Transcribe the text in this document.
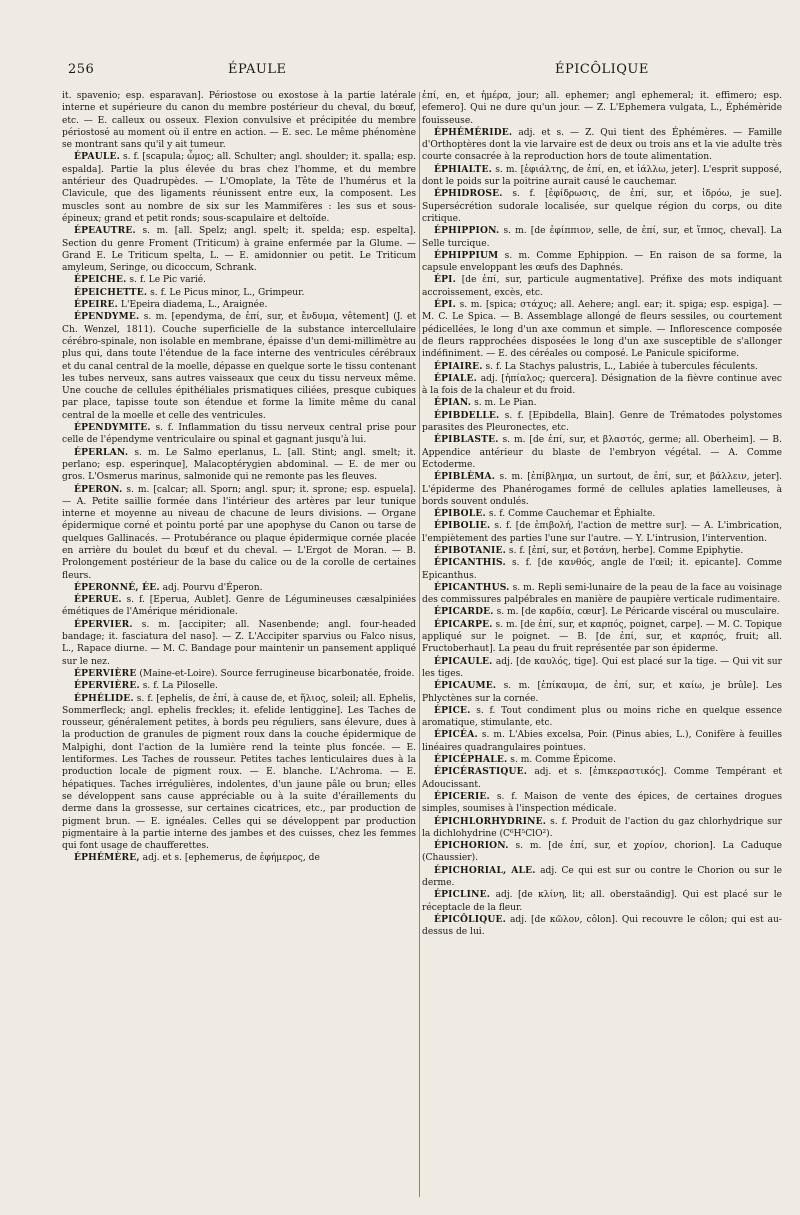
256	ÉPAULE	ÉPICÔLIQUE

it. spavenio; esp. esparavan]. Périostose ou exostose à la partie latérale interne et supérieure du canon du membre postérieur du cheval, du bœuf, etc. — E. calleux ou osseux. Flexion convulsive et précipitée du membre périostosé au moment où il entre en action. — E. sec. Le même phénomène se montrant sans qu'il y ait tumeur.

ÉPAULE. s. f. [scapula; ὦμος; all. Schulter; angl. shoulder; it. spalla; esp. espalda]. Partie la plus élevée du bras chez l'homme, et du membre antérieur des Quadrupèdes. — L'Omoplate, la Tête de l'humérus et la Clavicule, que des ligaments réunissent entre eux, la composent. Les muscles sont au nombre de six sur les Mammifères : les sus et sous-épineux; grand et petit ronds; sous-scapulaire et deltoïde.

ÉPEAUTRE. s. m. [all. Spelz; angl. spelt; it. spelda; esp. espelta]. Section du genre Froment (Triticum) à graine enfermée par la Glume. — Grand E. Le Triticum spelta, L. — E. amidonnier ou petit. Le Triticum amyleum, Seringe, ou dicoccum, Schrank.

ÉPEICHE. s. f. Le Pic varié.

ÉPEICHETTE. s. f. Le Picus minor, L., Grimpeur.

ÉPEIRE. L'Epeira diadema, L., Araignée.

ÉPENDYME. s. m. [ependyma, de ἐπί, sur, et ἔνδυμα, vêtement] (J. et Ch. Wenzel, 1811). Couche superficielle de la substance intercellulaire cérébro-spinale, non isolable en membrane, épaisse d'un demi-millimètre au plus qui, dans toute l'étendue de la face interne des ventricules cérébraux et du canal central de la moelle, dépasse en quelque sorte le tissu contenant les tubes nerveux, sans autres vaisseaux que ceux du tissu nerveux même. Une couche de cellules épithéliales prismatiques ciliées, presque cubiques par place, tapisse toute son étendue et forme la limite même du canal central de la moelle et celle des ventricules.

ÉPENDYMITE. s. f. Inflammation du tissu nerveux central prise pour celle de l'épendyme ventriculaire ou spinal et gagnant jusqu'à lui.

ÉPERLAN. s. m. Le Salmo eperlanus, L. [all. Stint; angl. smelt; it. perlano; esp. esperinque], Malacoptérygien abdominal. — E. de mer ou gros. L'Osmerus marinus, salmonide qui ne remonte pas les fleuves.

ÉPERON. s. m. [calcar; all. Sporn; angl. spur; it. sprone; esp. espuela]. — A. Petite saillie formée dans l'intérieur des artères par leur tunique interne et moyenne au niveau de chacune de leurs divisions. — Organe épidermique corné et pointu porté par une apophyse du Canon ou tarse de quelques Gallinacés. — Protubérance ou plaque épidermique cornée placée en arrière du boulet du bœuf et du cheval. — L'Ergot de Moran. — B. Prolongement postérieur de la base du calice ou de la corolle de certaines fleurs.

ÉPERONNÉ, ÉE. adj. Pourvu d'Éperon.

ÉPERUE. s. f. [Eperua, Aublet]. Genre de Légumineuses cæsalpiniées émétiques de l'Amérique méridionale.

ÉPERVIER. s. m. [accipiter; all. Nasenbende; angl. four-headed bandage; it. fasciatura del naso]. — Z. L'Accipiter sparvius ou Falco nisus, L., Rapace diurne. — M. C. Bandage pour maintenir un pansement appliqué sur le nez.

ÉPERVIÈRE (Maine-et-Loire). Source ferrugineuse bicarbonatée, froide.

ÉPERVIÈRE. s. f. La Piloselle.

ÉPHÉLIDE. s. f. [ephelis, de ἐπί, à cause de, et ἥλιος, soleil; all. Ephelis, Sommerfleck; angl. ephelis freckles; it. efelide lentiggine]. Les Taches de rousseur, généralement petites, à bords peu réguliers, sans élevure, dues à la production de granules de pigment roux dans la couche épidermique de Malpighi, dont l'action de la lumière rend la teinte plus foncée. — E. lentiformes. Les Taches de rousseur. Petites taches lenticulaires dues à la production locale de pigment roux. — E. blanche. L'Achroma. — E. hépatiques. Taches irrégulières, indolentes, d'un jaune pâle ou brun; elles se développent sans cause appréciable ou à la suite d'éraillements du derme dans la grossesse, sur certaines cicatrices, etc., par production de pigment brun. — E. ignéales. Celles qui se développent par production pigmentaire à la partie interne des jambes et des cuisses, chez les femmes qui font usage de chaufferettes.

ÉPHÉMÈRE, adj. et s. [ephemerus, de ἐφήμερος, de

ἐπί, en, et ἡμέρα, jour; all. ephemer; angl ephemeral; it. effimero; esp. efemero]. Qui ne dure qu'un jour. — Z. L'Ephemera vulgata, L., Éphémèride fouisseuse.

ÉPHÉMÉRIDE. adj. et s. — Z. Qui tient des Éphémères. — Famille d'Orthoptères dont la vie larvaire est de deux ou trois ans et la vie adulte très courte consacrée à la reproduction hors de toute alimentation.

ÉPHIALTE. s. m. [ἐφιάλτης, de ἐπί, en, et ἰάλλω, jeter]. L'esprit supposé, dont le poids sur la poitrine aurait causé le cauchemar.

ÉPHIDROSE. s. f. [ἐφίδρωσις, de ἐπί, sur, et ἱδρόω, je sue]. Supersécrétion sudorale localisée, sur quelque région du corps, ou dite critique.

ÉPHIPPION. s. m. [de ἐφίππιον, selle, de ἐπί, sur, et ἵππος, cheval]. La Selle turcique.

ÉPHIPPIUM s. m. Comme Ephippion. — En raison de sa forme, la capsule enveloppant les œufs des Daphnés.

ÉPI. [de ἐπί, sur, particule augmentative]. Préfixe des mots indiquant accroissement, excès, etc.

ÉPI. s. m. [spica; στάχυς; all. Aehere; angl. ear; it. spiga; esp. espiga]. — M. C. Le Spica. — B. Assemblage allongé de fleurs sessiles, ou courtement pédicellées, le long d'un axe commun et simple. — Inflorescence composée de fleurs rapprochées disposées le long d'un axe susceptible de s'allonger indéfiniment. — E. des céréales ou composé. Le Panicule spiciforme.

ÉPIAIRE. s. f. La Stachys palustris, L., Labiée à tubercules féculents.

ÉPIALE. adj. [ἠπίαλος; quercera]. Désignation de la fièvre continue avec à la fois de la chaleur et du froid.

ÉPIAN. s. m. Le Pian.

ÉPIBDELLE. s. f. [Epibdella, Blain]. Genre de Trématodes polystomes parasites des Pleuronectes, etc.

ÉPIBLASTE. s. m. [de ἐπί, sur, et βλαστός, germe; all. Oberheim]. — B. Appendice antérieur du blaste de l'embryon végétal. — A. Comme Ectoderme.

ÉPIBLÈMA. s. m. [ἐπίβλημα, un surtout, de ἐπί, sur, et βάλλειν, jeter]. L'épiderme des Phanérogames formé de cellules aplaties lamelleuses, à bords souvent ondulés.

ÉPIBOLE. s. f. Comme Cauchemar et Éphialte.

ÉPIBOLIE. s. f. [de ἐπιβολή, l'action de mettre sur]. — A. L'imbrication, l'empiètement des parties l'une sur l'autre. — Y. L'intrusion, l'intervention.

ÉPIBOTANIE. s. f. [ἐπί, sur, et βοτάνη, herbe]. Comme Epiphytie.

ÉPICANTHIS. s. f. [de κανθός, angle de l'œil; it. epicante]. Comme Epicanthus.

ÉPICANTHUS. s. m. Repli semi-lunaire de la peau de la face au voisinage des commissures palpébrales en manière de paupière verticale rudimentaire.

ÉPICARDE. s. m. [de καρδία, cœur]. Le Péricarde viscéral ou musculaire.

ÉPICARPE. s. m. [de ἐπί, sur, et καρπός, poignet, carpe]. — M. C. Topique appliqué sur le poignet. — B. [de ἐπί, sur, et καρπός, fruit; all. Fructoberhaut]. La peau du fruit représentée par son épiderme.

ÉPICAULE. adj. [de καυλός, tige]. Qui est placé sur la tige. — Qui vit sur les tiges.

ÉPICAUME. s. m. [ἐπίκαυμα, de ἐπί, sur, et καίω, je brûle]. Les Phlyctènes sur la cornée.

ÉPICE. s. f. Tout condiment plus ou moins riche en quelque essence aromatique, stimulante, etc.

ÉPICÉA. s. m. L'Abies excelsa, Poir. (Pinus abies, L.), Conifère à feuilles linéaires quadrangulaires pointues.

ÉPICÉPHALE. s. m. Comme Épicome.

ÉPICÉRASTIQUE. adj. et s. [ἐπικεραστικός]. Comme Tempérant et Adoucissant.

ÉPICERIE. s. f. Maison de vente des épices, de certaines drogues simples, soumises à l'inspection médicale.

ÉPICHLORHYDRINE. s. f. Produit de l'action du gaz chlorhydrique sur la dichlohydrine (C⁶H⁵ClO²).

ÉPICHORION. s. m. [de ἐπί, sur, et χορίον, chorion]. La Caduque (Chaussier).

ÉPICHORIAL, ALE. adj. Ce qui est sur ou contre le Chorion ou sur le derme.

ÉPICLINE. adj. [de κλίνη, lit; all. oberstaändig]. Qui est placé sur le réceptacle de la fleur.

ÉPICÔLIQUE. adj. [de κῶλον, côlon]. Qui recouvre le côlon; qui est au-dessus de lui.
